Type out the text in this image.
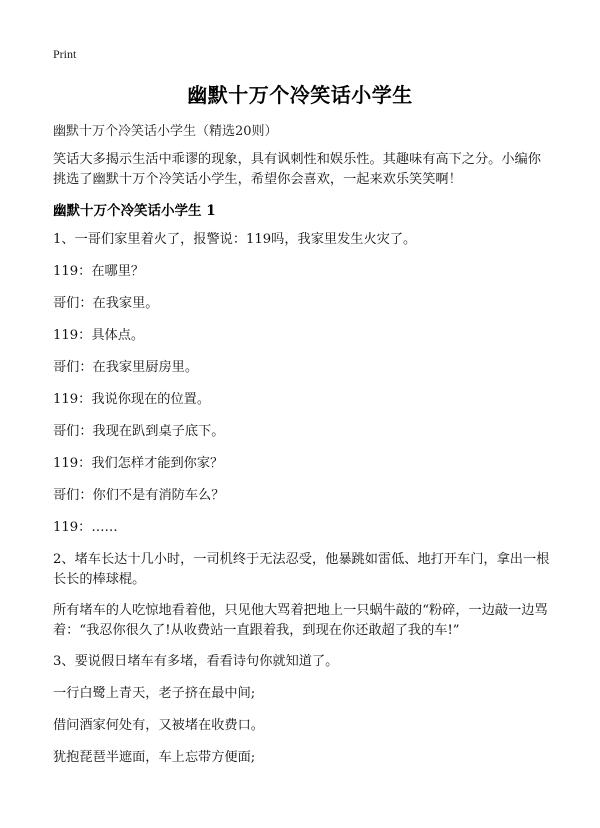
Print
幽默十万个冷笑话小学生
幽默十万个冷笑话小学生（精选20则）
笑话大多揭示生活中乖谬的现象，具有讽刺性和娱乐性。其趣味有高下之分。小编你挑选了幽默十万个冷笑话小学生，希望你会喜欢，一起来欢乐笑笑啊！
幽默十万个冷笑话小学生 1

1、一哥们家里着火了，报警说：119吗，我家里发生火灾了。

119：在哪里？

哥们：在我家里。

119：具体点。

哥们：在我家里厨房里。

119：我说你现在的位置。

哥们：我现在趴到桌子底下。

119：我们怎样才能到你家？

哥们：你们不是有消防车么？

119：……

2、堵车长达十几小时，一司机终于无法忍受，他暴跳如雷低、地打开车门，拿出一根长长的棒球棍。

所有堵车的人吃惊地看着他，只见他大骂着把地上一只蜗牛敲的“粉碎，一边敲一边骂着：“我忍你很久了!从收费站一直跟着我，到现在你还敢超了我的车!”

3、要说假日堵车有多堵，看看诗句你就知道了。

一行白鹭上青天，老子挤在最中间;

借问酒家何处有，又被堵在收费口。

犹抱琵琶半遮面，车上忘带方便面;
